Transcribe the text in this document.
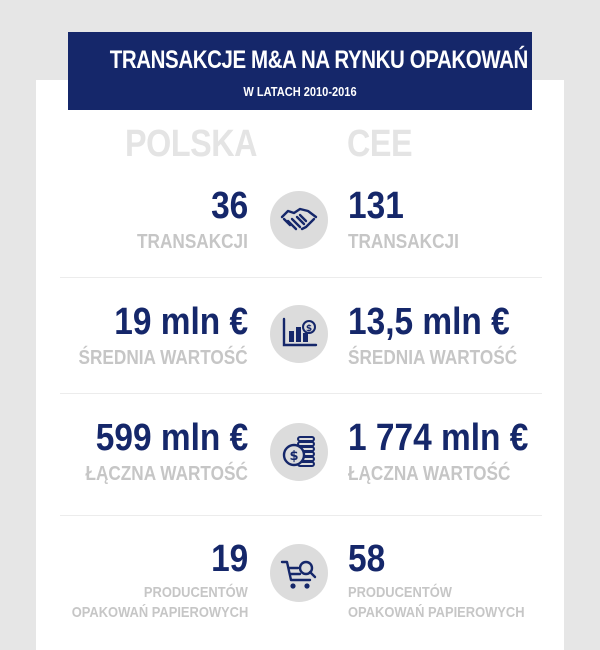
TRANSAKCJE M&A NA RYNKU OPAKOWAŃ
W LATACH 2010-2016
POLSKA CEE
36
TRANSAKCJI
131
TRANSAKCJI
19 mln €
ŚREDNIA WARTOŚĆ
$ 13,5 mln €
ŚREDNIA WARTOŚĆ
599 mln €
ŁĄCZNA WARTOŚĆ
$ 1 774 mln €
ŁĄCZNA WARTOŚĆ
19
PRODUCENTÓW
OPAKOWAŃ PAPIEROWYCH
58
PRODUCENTÓW
OPAKOWAŃ PAPIEROWYCH
